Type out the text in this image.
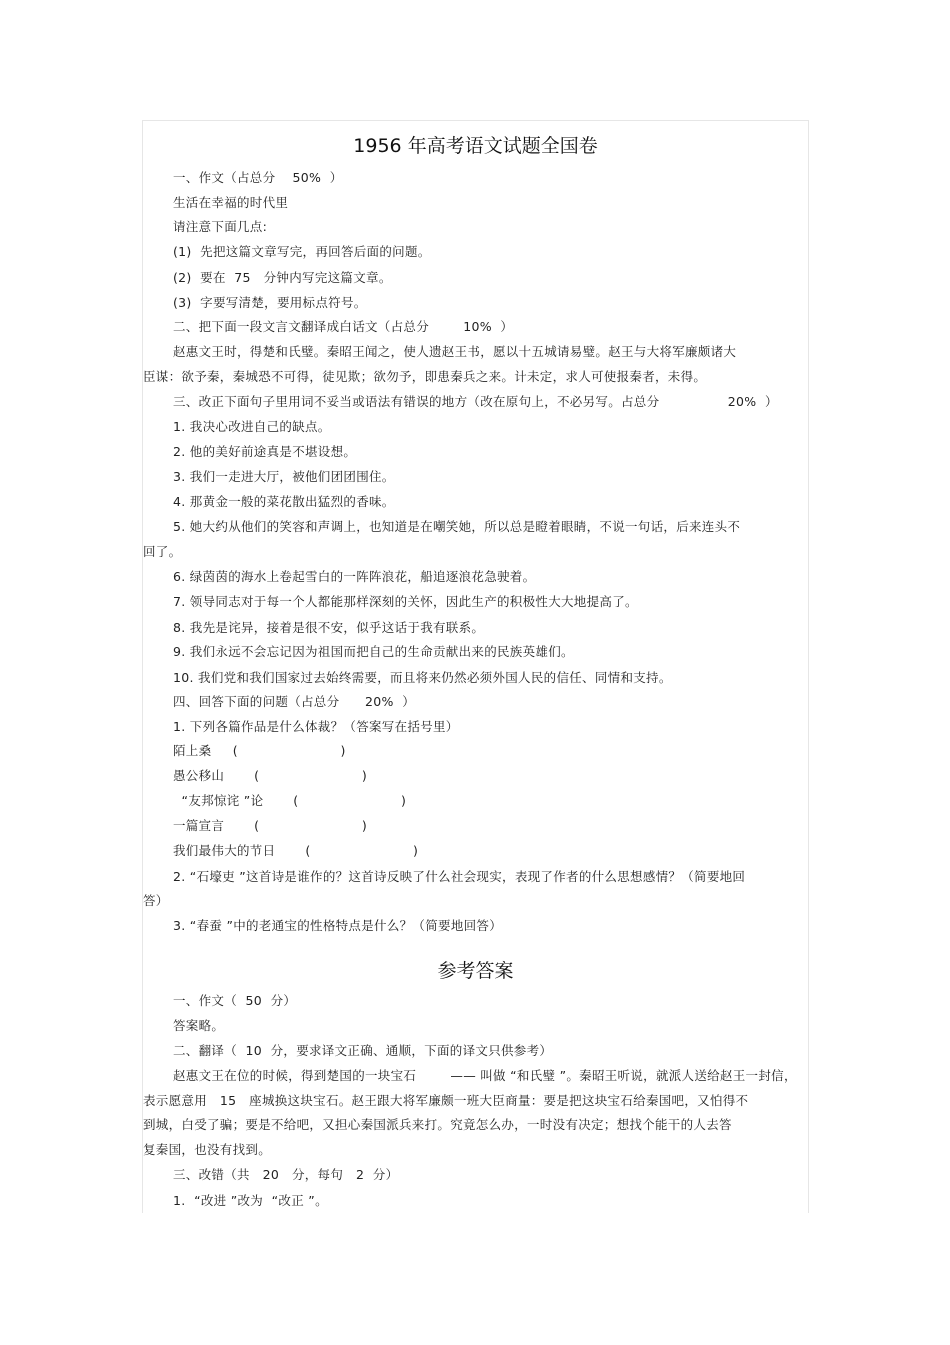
1956 年高考语文试题全国卷
一、作文（占总分    50%  ）
生活在幸福的时代里
请注意下面几点:
(1)  先把这篇文章写完，再回答后面的问题。
(2)  要在  75   分钟内写完这篇文章。
(3)  字要写清楚，要用标点符号。
二、把下面一段文言文翻译成白话文（占总分        10%  ）
赵惠文王时，得楚和氏璧。秦昭王闻之，使人遗赵王书，愿以十五城请易璧。赵王与大将军廉颇诸大
臣谋：欲予秦，秦城恐不可得，徒见欺；欲勿予，即患秦兵之来。计未定，求人可使报秦者，未得。
三、改正下面句子里用词不妥当或语法有错误的地方（改在原句上，不必另写。占总分                20%  ）
1. 我决心改进自己的缺点。
2. 他的美好前途真是不堪设想。
3. 我们一走进大厅，被他们团团围住。
4. 那黄金一般的菜花散出猛烈的香味。
5. 她大约从他们的笑容和声调上，也知道是在嘲笑她，所以总是瞪着眼睛，不说一句话，后来连头不
回了。
6. 绿茵茵的海水上卷起雪白的一阵阵浪花，船追逐浪花急驶着。
7. 领导同志对于每一个人都能那样深刻的关怀，因此生产的积极性大大地提高了。
8. 我先是诧异，接着是很不安，似乎这话于我有联系。
9. 我们永远不会忘记因为祖国而把自己的生命贡献出来的民族英雄们。
10. 我们党和我们国家过去始终需要，而且将来仍然必须外国人民的信任、同情和支持。
四、回答下面的问题（占总分      20%  ）
1. 下列各篇作品是什么体裁？（答案写在括号里）
陌上桑     (                        )
愚公移山       (                        )
“友邦惊诧 ”论       (                        )
一篇宣言       (                        )
我们最伟大的节日       (                        )
2. “石壕吏 ”这首诗是谁作的？这首诗反映了什么社会现实，表现了作者的什么思想感情？（简要地回
答）
3. “春蚕 ”中的老通宝的性格特点是什么？（简要地回答）
参考答案
一、作文（  50  分）
答案略。
二、翻译（  10  分，要求译文正确、通顺，下面的译文只供参考）
赵惠文王在位的时候，得到楚国的一块宝石        —— 叫做 “和氏璧 ”。秦昭王听说，就派人送给赵王一封信，
表示愿意用   15   座城换这块宝石。赵王跟大将军廉颇一班大臣商量：要是把这块宝石给秦国吧，又怕得不
到城，白受了骗；要是不给吧，又担心秦国派兵来打。究竟怎么办，一时没有决定；想找个能干的人去答
复秦国，也没有找到。
三、改错（共   20   分，每句   2  分）
1.  “改进 ”改为  “改正 ”。
